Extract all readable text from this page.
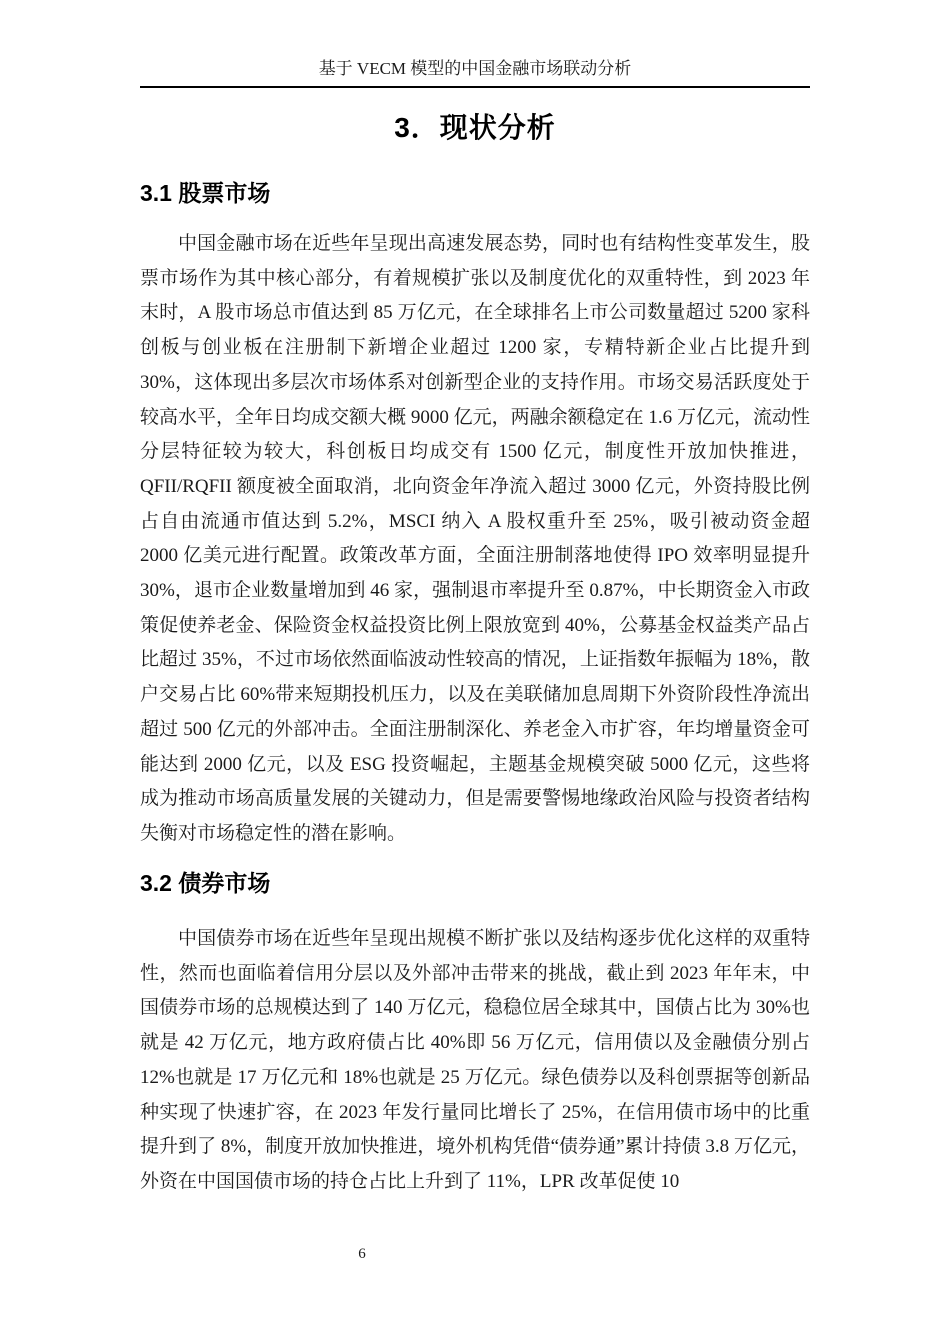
基于 VECM 模型的中国金融市场联动分析
3．现状分析
3.1 股票市场
中国金融市场在近些年呈现出高速发展态势，同时也有结构性变革发生，股票市场作为其中核心部分，有着规模扩张以及制度优化的双重特性，到 2023 年末时，A 股市场总市值达到 85 万亿元，在全球排名上市公司数量超过 5200 家科创板与创业板在注册制下新增企业超过 1200 家，专精特新企业占比提升到 30%，这体现出多层次市场体系对创新型企业的支持作用。市场交易活跃度处于较高水平，全年日均成交额大概 9000 亿元，两融余额稳定在 1.6 万亿元，流动性分层特征较为较大，科创板日均成交有 1500 亿元，制度性开放加快推进，QFII/RQFII 额度被全面取消，北向资金年净流入超过 3000 亿元，外资持股比例占自由流通市值达到 5.2%，MSCI 纳入 A 股权重升至 25%，吸引被动资金超 2000 亿美元进行配置。政策改革方面，全面注册制落地使得 IPO 效率明显提升 30%，退市企业数量增加到 46 家，强制退市率提升至 0.87%，中长期资金入市政策促使养老金、保险资金权益投资比例上限放宽到 40%，公募基金权益类产品占比超过 35%，不过市场依然面临波动性较高的情况，上证指数年振幅为 18%，散户交易占比 60%带来短期投机压力，以及在美联储加息周期下外资阶段性净流出超过 500 亿元的外部冲击。全面注册制深化、养老金入市扩容，年均增量资金可能达到 2000 亿元，以及 ESG 投资崛起，主题基金规模突破 5000 亿元，这些将成为推动市场高质量发展的关键动力，但是需要警惕地缘政治风险与投资者结构失衡对市场稳定性的潜在影响。
3.2 债券市场
中国债券市场在近些年呈现出规模不断扩张以及结构逐步优化这样的双重特性，然而也面临着信用分层以及外部冲击带来的挑战，截止到 2023 年年末，中国债券市场的总规模达到了 140 万亿元，稳稳位居全球其中，国债占比为 30%也就是 42 万亿元，地方政府债占比 40%即 56 万亿元，信用债以及金融债分别占 12%也就是 17 万亿元和 18%也就是 25 万亿元。绿色债券以及科创票据等创新品种实现了快速扩容，在 2023 年发行量同比增长了 25%，在信用债市场中的比重提升到了 8%，制度开放加快推进，境外机构凭借“债券通”累计持债 3.8 万亿元，外资在中国国债市场的持仓占比上升到了 11%，LPR 改革促使 10
6
